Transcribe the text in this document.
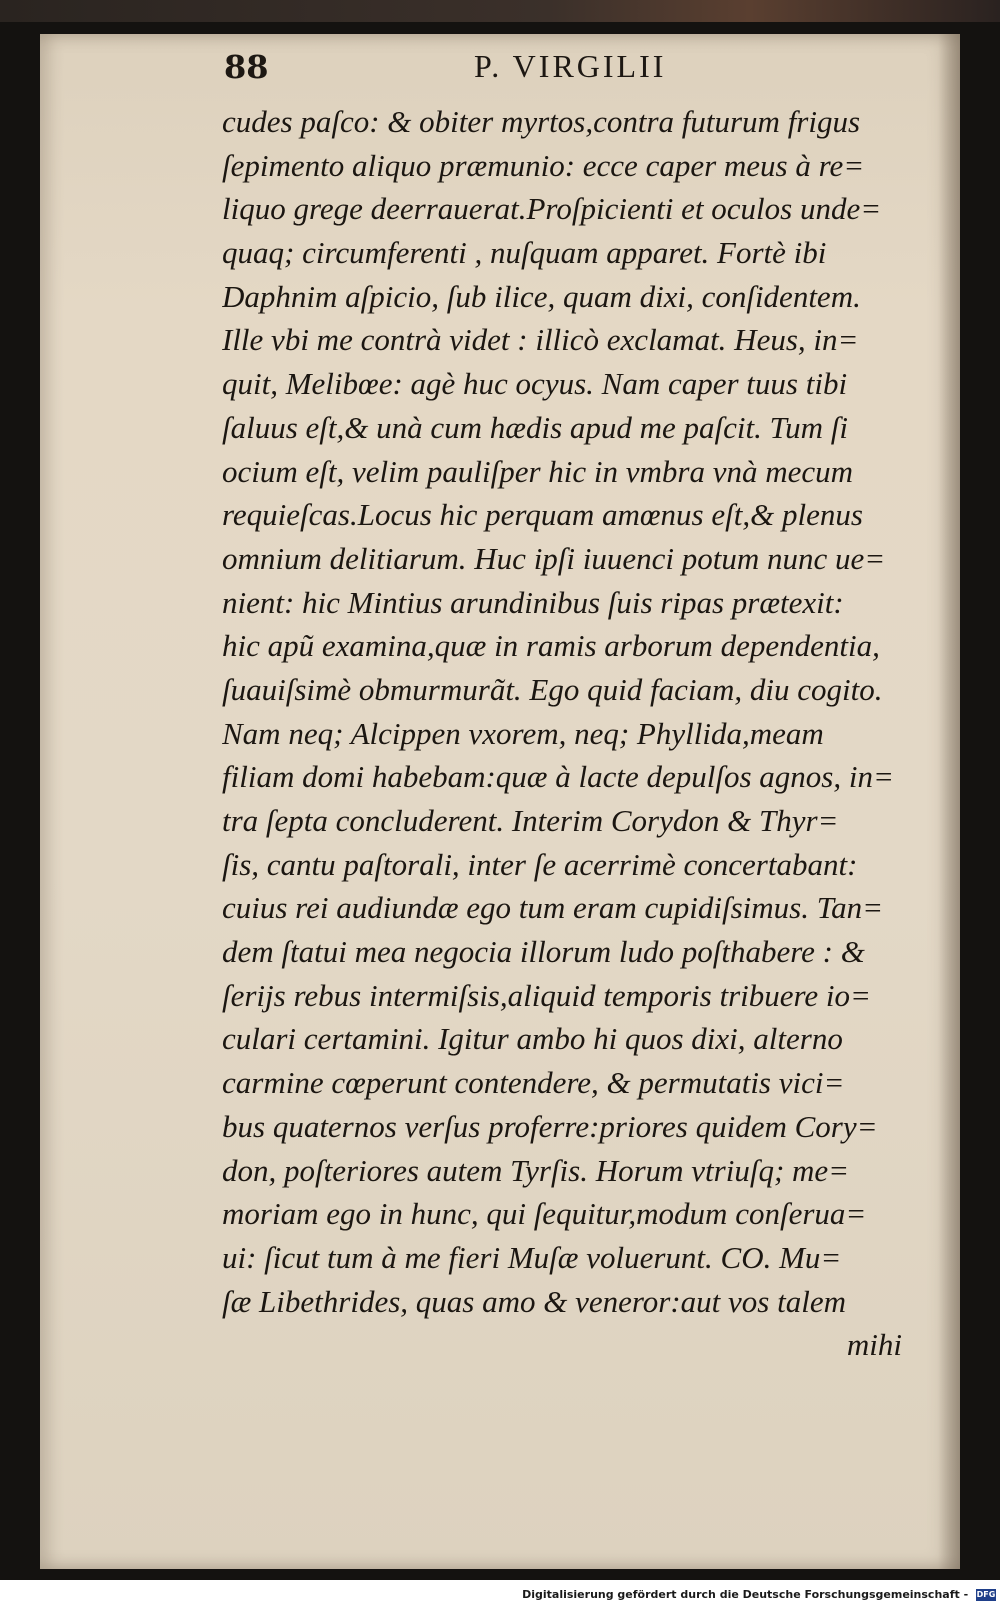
88	P. VIRGILII
cudes paſco: & obiter myrtos,contra futurum frigus
ſepimento aliquo præmunio: ecce caper meus à re=
liquo grege deerrauerat.Proſpicienti et oculos unde=
quaq; circumferenti , nuſquam apparet. Fortè ibi
Daphnim aſpicio, ſub ilice, quam dixi, conſidentem.
Ille vbi me contrà videt : illicò exclamat. Heus, in=
quit, Melibœe: agè huc ocyus. Nam caper tuus tibi
ſaluus eſt,& unà cum hædis apud me paſcit. Tum ſi
ocium eſt, velim pauliſper hic in vmbra vnà mecum
requieſcas.Locus hic perquam amœnus eſt,& plenus
omnium delitiarum. Huc ipſi iuuenci potum nunc ue=
nient: hic Mintius arundinibus ſuis ripas prætexit:
hic apũ examina,quæ in ramis arborum dependentia,
ſuauiſsimè obmurmurãt. Ego quid faciam, diu cogito.
Nam neq; Alcippen vxorem, neq; Phyllida,meam
filiam domi habebam:quæ à lacte depulſos agnos, in=
tra ſepta concluderent. Interim Corydon & Thyr=
ſis, cantu paſtorali, inter ſe acerrimè concertabant:
cuius rei audiundæ ego tum eram cupidiſsimus. Tan=
dem ſtatui mea negocia illorum ludo poſthabere : &
ſerijs rebus intermiſsis,aliquid temporis tribuere io=
culari certamini. Igitur ambo hi quos dixi, alterno
carmine cœperunt contendere, & permutatis vici=
bus quaternos verſus proferre:priores quidem Cory=
don, poſteriores autem Tyrſis. Horum vtriuſq; me=
moriam ego in hunc, qui ſequitur,modum conſerua=
ui: ſicut tum à me fieri Muſæ voluerunt. CO. Mu=
ſæ Libethrides, quas amo & veneror:aut vos talem
mihi
Digitalisierung gefördert durch die Deutsche Forschungsgemeinschaft - DFG
